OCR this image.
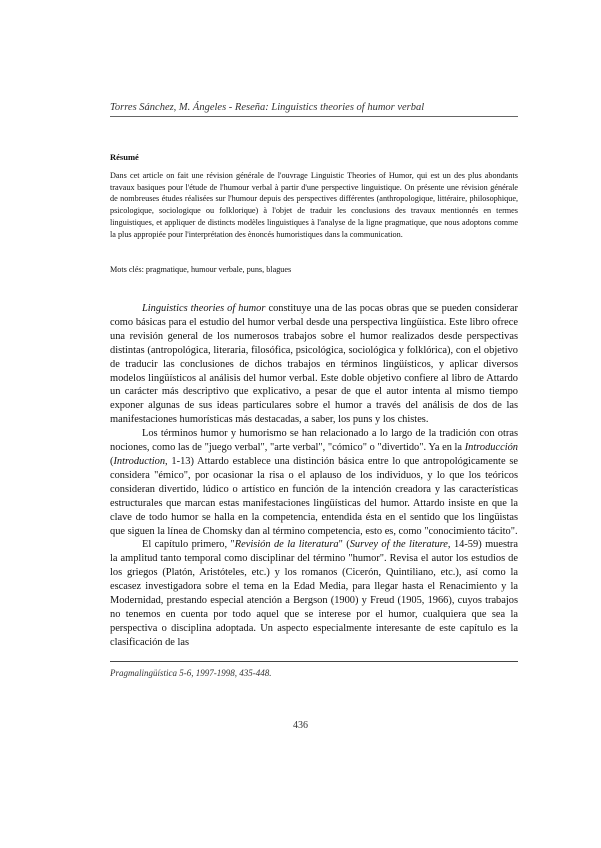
Torres Sánchez, M. Ángeles - Reseña: Linguistics theories of humor verbal
Résumé

Dans cet article on fait une révision générale de l'ouvrage Linguistic Theories of Humor, qui est un des plus abondants travaux basiques pour l'étude de l'humour verbal à partir d'une perspective linguistique. On présente une révision générale de nombreuses études réalisées sur l'humour depuis des perspectives différentes (anthropologique, littéraire, philosophique, psicologique, sociologique ou folklorique) à l'objet de traduir les conclusions des travaux mentionnés en termes linguistiques, et appliquer de distincts modèles linguistiques à l'analyse de la ligne pragmatique, que nous adoptons comme la plus appropiée pour l'interprétation des ènoncés humoristiques dans la communication.

Mots clés: pragmatique, humour verbale, puns, blagues

Linguistics theories of humor constituye una de las pocas obras que se pueden considerar como básicas para el estudio del humor verbal desde una perspectiva lingüística. Este libro ofrece una revisión general de los numerosos trabajos sobre el humor realizados desde perspectivas distintas (antropológica, literaria, filosófica, psicológica, sociológica y folklórica), con el objetivo de traducir las conclusiones de dichos trabajos en términos lingüísticos, y aplicar diversos modelos lingüísticos al análisis del humor verbal. Este doble objetivo confiere al libro de Attardo un carácter más descriptivo que explicativo, a pesar de que el autor intenta al mismo tiempo exponer algunas de sus ideas particulares sobre el humor a través del análisis de dos de las manifestaciones humorísticas más destacadas, a saber, los puns y los chistes.

Los términos humor y humorismo se han relacionado a lo largo de la tradición con otras nociones, como las de "juego verbal", "arte verbal", "cómico" o "divertido". Ya en la Introducción (Introduction, 1-13) Attardo establece una distinción básica entre lo que antropológicamente se considera "émico", por ocasionar la risa o el aplauso de los individuos, y lo que los teóricos consideran divertido, lúdico o artístico en función de la intención creadora y las características estructurales que marcan estas manifestaciones lingüísticas del humor. Attardo insiste en que la clave de todo humor se halla en la competencia, entendida ésta en el sentido que los lingüistas que siguen la línea de Chomsky dan al término competencia, esto es, como "conocimiento tácito".

El capítulo primero, "Revisión de la literatura" (Survey of the literature, 14-59) muestra la amplitud tanto temporal como disciplinar del término "humor". Revisa el autor los estudios de los griegos (Platón, Aristóteles, etc.) y los romanos (Cicerón, Quintiliano, etc.), así como la escasez investigadora sobre el tema en la Edad Media, para llegar hasta el Renacimiento y la Modernidad, prestando especial atención a Bergson (1900) y Freud (1905, 1966), cuyos trabajos no tenemos en cuenta por todo aquel que se interese por el humor, cualquiera que sea la perspectiva o disciplina adoptada. Un aspecto especialmente interesante de este capítulo es la clasificación de las

Pragmalingüística 5-6, 1997-1998, 435-448.
436
